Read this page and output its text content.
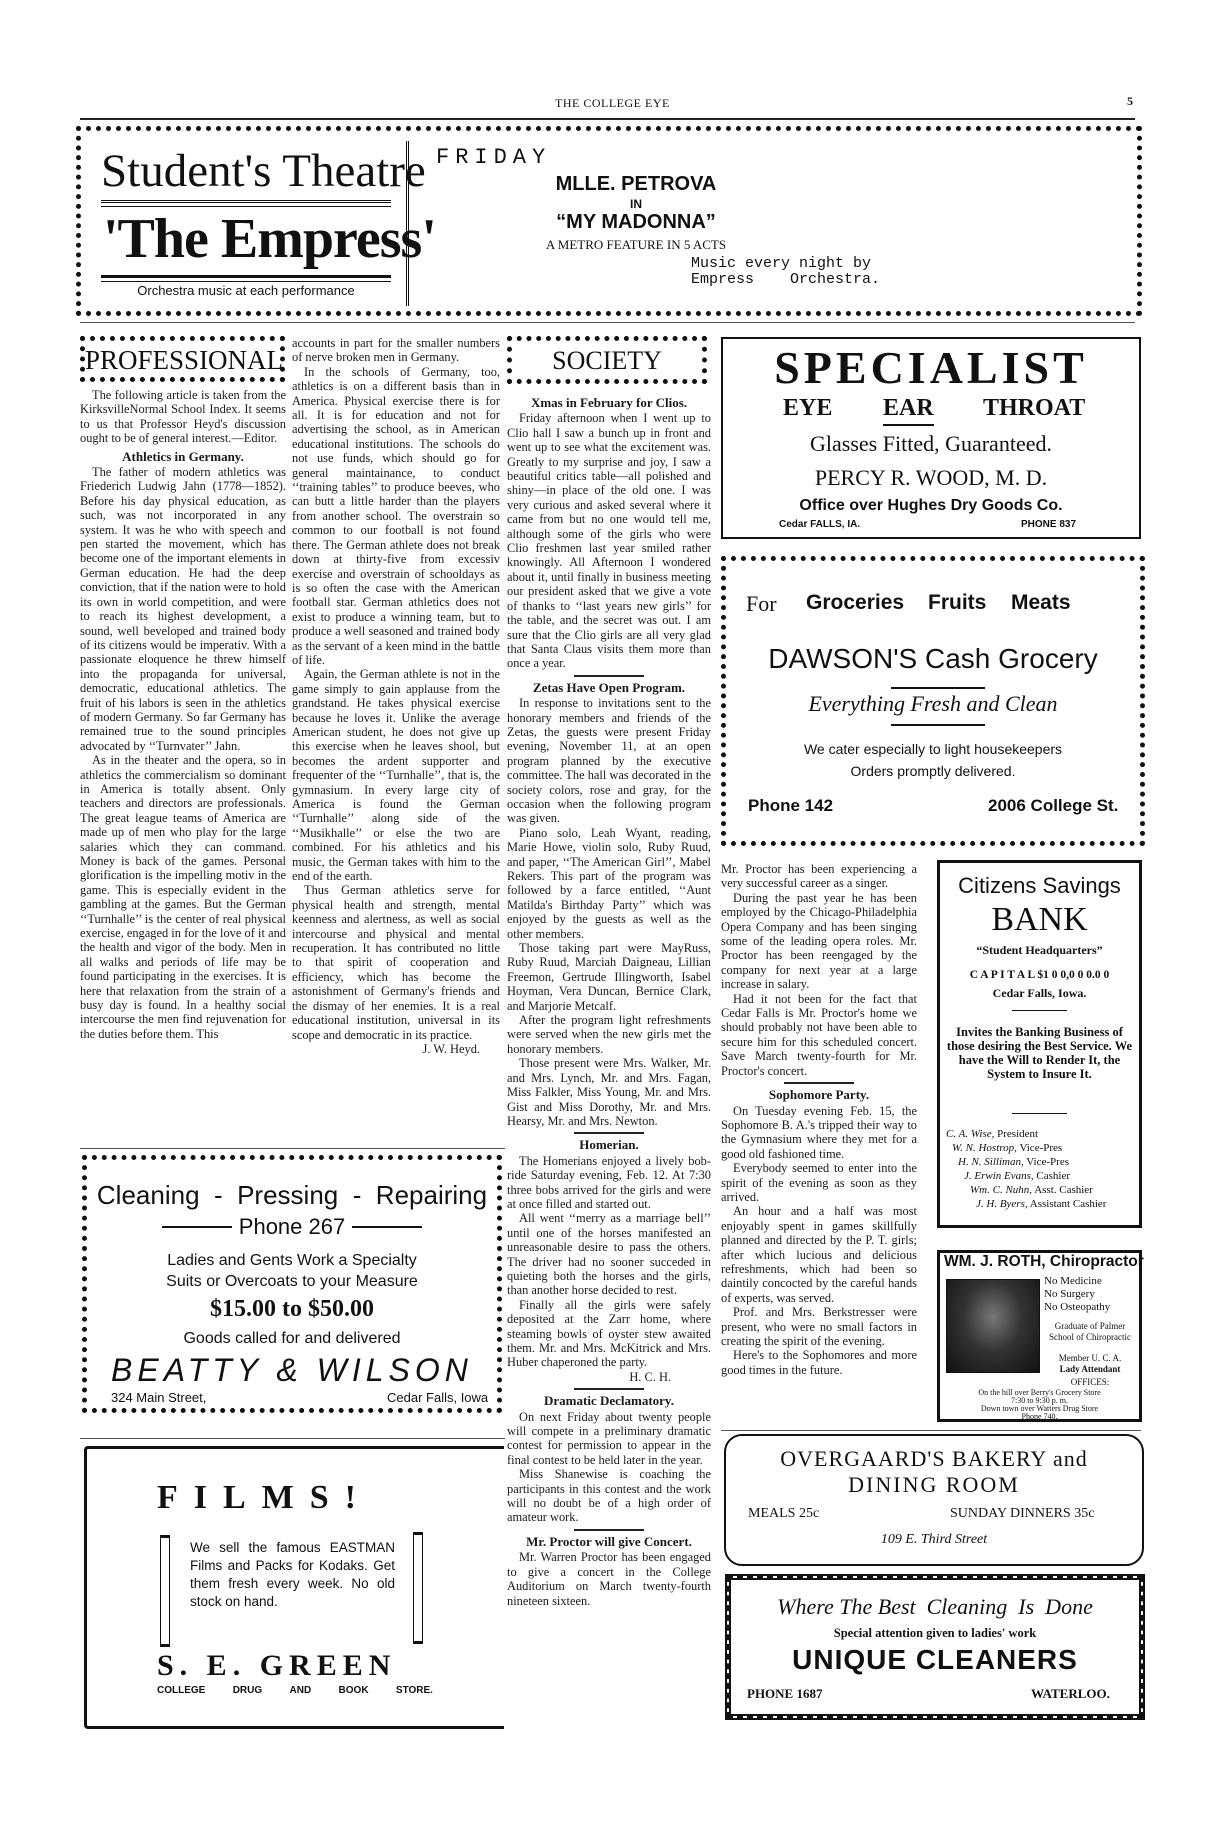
THE COLLEGE EYE	5
Student's Theatre
'The Empress'
Orchestra music at each performance
FRIDAY
MLLE. PETROVA
IN
“MY MADONNA”
A METRO FEATURE IN 5 ACTS
Music every night by
Empress    Orchestra.
PROFESSIONAL

The following article is taken from the KirksvilleNormal School Index. It seems to us that Professor Heyd's discussion ought to be of general interest.—Editor.

Athletics in Germany.

The father of modern athletics was Friederich Ludwig Jahn (1778—1852). Before his day physical education, as such, was not incorporated in any system. It was he who with speech and pen started the movement, which has become one of the important elements in German education. He had the deep conviction, that if the nation were to hold its own in world competition, and were to reach its highest development, a sound, well beveloped and trained body of its citizens would be imperativ. With a passionate eloquence he threw himself into the propaganda for universal, democratic, educational athletics. The fruit of his labors is seen in the athletics of modern Germany. So far Germany has remained true to the sound principles advocated by ‘‘Turnvater’’ Jahn.

As in the theater and the opera, so in athletics the commercialism so dominant in America is totally absent. Only teachers and directors are professionals. The great league teams of America are made up of men who play for the large salaries which they can command. Money is back of the games. Personal glorification is the impelling motiv in the game. This is especially evident in the gambling at the games. But the German ‘‘Turnhalle’’ is the center of real physical exercise, engaged in for the love of it and the health and vigor of the body. Men in all walks and periods of life may be found participating in the exercises. It is here that relaxation from the strain of a busy day is found. In a healthy social intercourse the men find rejuvenation for the duties before them. This

accounts in part for the smaller numbers of nerve broken men in Germany.

In the schools of Germany, too, athletics is on a different basis than in America. Physical exercise there is for all. It is for education and not for advertising the school, as in American educational institutions. The schools do not use funds, which should go for general maintainance, to conduct ‘‘training tables’’ to produce beeves, who can butt a little harder than the players from another school. The overstrain so common to our football is not found there. The German athlete does not break down at thirty-five from excessiv exercise and overstrain of schooldays as is so often the case with the American football star. German athletics does not exist to produce a winning team, but to produce a well seasoned and trained body as the servant of a keen mind in the battle of life.

Again, the German athlete is not in the game simply to gain applause from the grandstand. He takes physical exercise because he loves it. Unlike the average American student, he does not give up this exercise when he leaves shool, but becomes the ardent supporter and frequenter of the ‘‘Turnhalle’’, that is, the gymnasium. In every large city of America is found the German ‘‘Turnhalle’’ along side of the ‘‘Musikhalle’’ or else the two are combined. For his athletics and his music, the German takes with him to the end of the earth.

Thus German athletics serve for physical health and strength, mental keenness and alertness, as well as social intercourse and physical and mental recuperation. It has contributed no little to that spirit of cooperation and efficiency, which has become the astonishment of Germany's friends and the dismay of her enemies. It is a real educational institution, universal in its scope and democratic in its practice.

J. W. Heyd.
SOCIETY
Xmas in February for Clios.

Friday afternoon when I went up to Clio hall I saw a bunch up in front and went up to see what the excitement was. Greatly to my surprise and joy, I saw a beautiful critics table—all polished and shiny—in place of the old one. I was very curious and asked several where it came from but no one would tell me, although some of the girls who were Clio freshmen last year smiled rather knowingly. All Afternoon I wondered about it, until finally in business meeting our president asked that we give a vote of thanks to ‘‘last years new girls’’ for the table, and the secret was out. I am sure that the Clio girls are all very glad that Santa Claus visits them more than once a year.

Zetas Have Open Program.

In response to invitations sent to the honorary members and friends of the Zetas, the guests were present Friday evening, November 11, at an open program planned by the executive committee. The hall was decorated in the society colors, rose and gray, for the occasion when the following program was given.

Piano solo, Leah Wyant, reading, Marie Howe, violin solo, Ruby Ruud, and paper, ‘‘The American Girl’’, Mabel Rekers. This part of the program was followed by a farce entitled, ‘‘Aunt Matilda's Birthday Party’’ which was enjoyed by the guests as well as the other members.

Those taking part were MayRuss, Ruby Ruud, Marciah Daigneau, Lillian Freemon, Gertrude Illingworth, Isabel Hoyman, Vera Duncan, Bernice Clark, and Marjorie Metcalf.

After the program light refreshments were served when the new girls met the honorary members.

Those present were Mrs. Walker, Mr. and Mrs. Lynch, Mr. and Mrs. Fagan, Miss Falkler, Miss Young, Mr. and Mrs. Gist and Miss Dorothy, Mr. and Mrs. Hearsy, Mr. and Mrs. Newton.

Homerian.

The Homerians enjoyed a lively bob-ride Saturday evening, Feb. 12. At 7:30 three bobs arrived for the girls and were at once filled and started out.

All went ‘‘merry as a marriage bell’’ until one of the horses manifested an unreasonable desire to pass the others. The driver had no sooner succeded in quieting both the horses and the girls, than another horse decided to rest.

Finally all the girls were safely deposited at the Zarr home, where steaming bowls of oyster stew awaited them. Mr. and Mrs. McKitrick and Mrs. Huber chaperoned the party.

H. C. H.
Dramatic Declamatory.

On next Friday about twenty people will compete in a preliminary dramatic contest for permission to appear in the final contest to be held later in the year.

Miss Shanewise is coaching the participants in this contest and the work will no doubt be of a high order of amateur work.

Mr. Proctor will give Concert.

Mr. Warren Proctor has been engaged to give a concert in the College Auditorium on March twenty-fourth nineteen sixteen.

SPECIALIST
EYE EAR THROAT
Glasses Fitted, Guaranteed.
PERCY R. WOOD, M. D.
Office over Hughes Dry Goods Co.
Cedar FALLS, IA.	PHONE 837
For Groceries Fruits Meats
DAWSON'S Cash Grocery
Everything Fresh and Clean
We cater especially to light housekeepers
Orders promptly delivered.
Phone 142	2006 College St.

Mr. Proctor has been experiencing a very successful career as a singer.

During the past year he has been employed by the Chicago-Philadelphia Opera Company and has been singing some of the leading opera roles. Mr. Proctor has been reengaged by the company for next year at a large increase in salary.

Had it not been for the fact that Cedar Falls is Mr. Proctor's home we should probably not have been able to secure him for this scheduled concert. Save March twenty-fourth for Mr. Proctor's concert.

Sophomore Party.

On Tuesday evening Feb. 15, the Sophomore B. A.'s tripped their way to the Gymnasium where they met for a good old fashioned time.

Everybody seemed to enter into the spirit of the evening as soon as they arrived.

An hour and a half was most enjoyably spent in games skillfully planned and directed by the P. T. girls; after which lucious and delicious refreshments, which had been so daintily concocted by the careful hands of experts, was served.

Prof. and Mrs. Berkstresser were present, who were no small factors in creating the spirit of the evening.

Here's to the Sophomores and more good times in the future.

Citizens Savings
BANK
“Student Headquarters”
C A P I T A L $1 0 0,0 0 0.0 0
Cedar Falls, Iowa.
Invites the Banking Business of those desiring the Best Service. We have the Will to Render It, the System to Insure It.
C. A. Wise, President
W. N. Hostrop, Vice-Pres
H. N. Silliman, Vice-Pres
J. Erwin Evans, Cashier
Wm. C. Nuhn, Asst. Cashier
J. H. Byers, Assistant Cashier
WM. J. ROTH, Chiropractor
No Medicine
No Surgery
No Osteopathy
Graduate of Palmer School of Chiropractic
Member U. C. A.
Lady Attendant
OFFICES:
On the hill over Berry's Grocery Store
7:30 to 9:30 p. m.
Down town over Watters Drug Store
Phone 740.
Cleaning  -  Pressing  -  Repairing
Phone 267
Ladies and Gents Work a Specialty
Suits or Overcoats to your Measure
$15.00 to $50.00
Goods called for and delivered
BEATTY & WILSON
324 Main Street,	Cedar Falls, Iowa
FILMS!
We sell the famous EASTMAN Films and Packs for Kodaks. Get them fresh every week. No old stock on hand.
S. E. GREEN
COLLEGE	DRUG	AND	BOOK	STORE.
OVERGAARD'S BAKERY and
DINING ROOM
MEALS 25c	SUNDAY DINNERS 35c
109 E. Third Street
Where The Best  Cleaning  Is  Done
Special attention given to ladies' work
UNIQUE CLEANERS
PHONE 1687	WATERLOO.
